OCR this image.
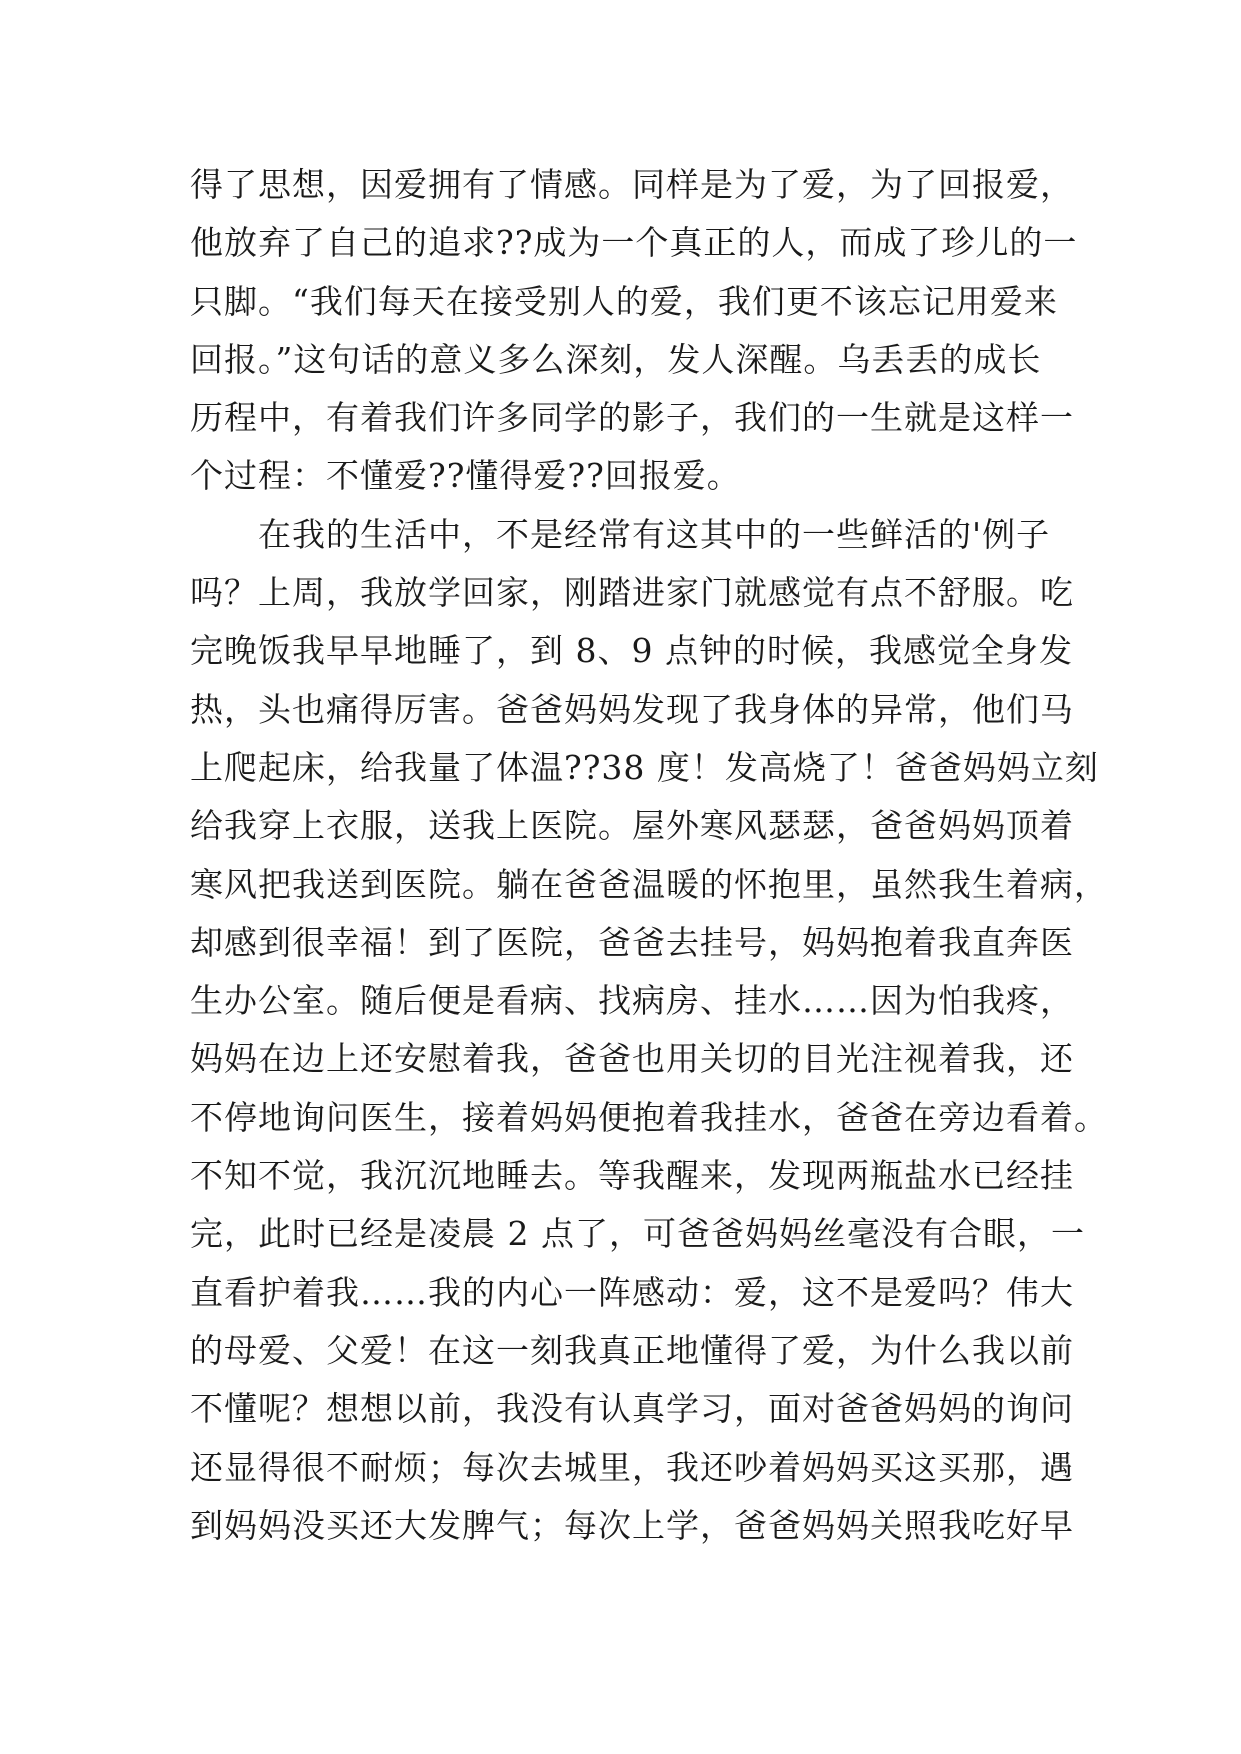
得了思想，因爱拥有了情感。同样是为了爱，为了回报爱，
他放弃了自己的追求??成为一个真正的人，而成了珍儿的一
只脚。“我们每天在接受别人的爱，我们更不该忘记用爱来
回报。”这句话的意义多么深刻，发人深醒。乌丢丢的成长
历程中，有着我们许多同学的影子，我们的一生就是这样一
个过程：不懂爱??懂得爱??回报爱。
　　在我的生活中，不是经常有这其中的一些鲜活的'例子
吗？上周，我放学回家，刚踏进家门就感觉有点不舒服。吃
完晚饭我早早地睡了，到 8、9 点钟的时候，我感觉全身发
热，头也痛得厉害。爸爸妈妈发现了我身体的异常，他们马
上爬起床，给我量了体温??38 度！发高烧了！爸爸妈妈立刻
给我穿上衣服，送我上医院。屋外寒风瑟瑟，爸爸妈妈顶着
寒风把我送到医院。躺在爸爸温暖的怀抱里，虽然我生着病，
却感到很幸福！到了医院，爸爸去挂号，妈妈抱着我直奔医
生办公室。随后便是看病、找病房、挂水……因为怕我疼，
妈妈在边上还安慰着我，爸爸也用关切的目光注视着我，还
不停地询问医生，接着妈妈便抱着我挂水，爸爸在旁边看着。
不知不觉，我沉沉地睡去。等我醒来，发现两瓶盐水已经挂
完，此时已经是凌晨 2 点了，可爸爸妈妈丝毫没有合眼，一
直看护着我……我的内心一阵感动：爱，这不是爱吗？伟大
的母爱、父爱！在这一刻我真正地懂得了爱，为什么我以前
不懂呢？想想以前，我没有认真学习，面对爸爸妈妈的询问
还显得很不耐烦；每次去城里，我还吵着妈妈买这买那，遇
到妈妈没买还大发脾气；每次上学，爸爸妈妈关照我吃好早
